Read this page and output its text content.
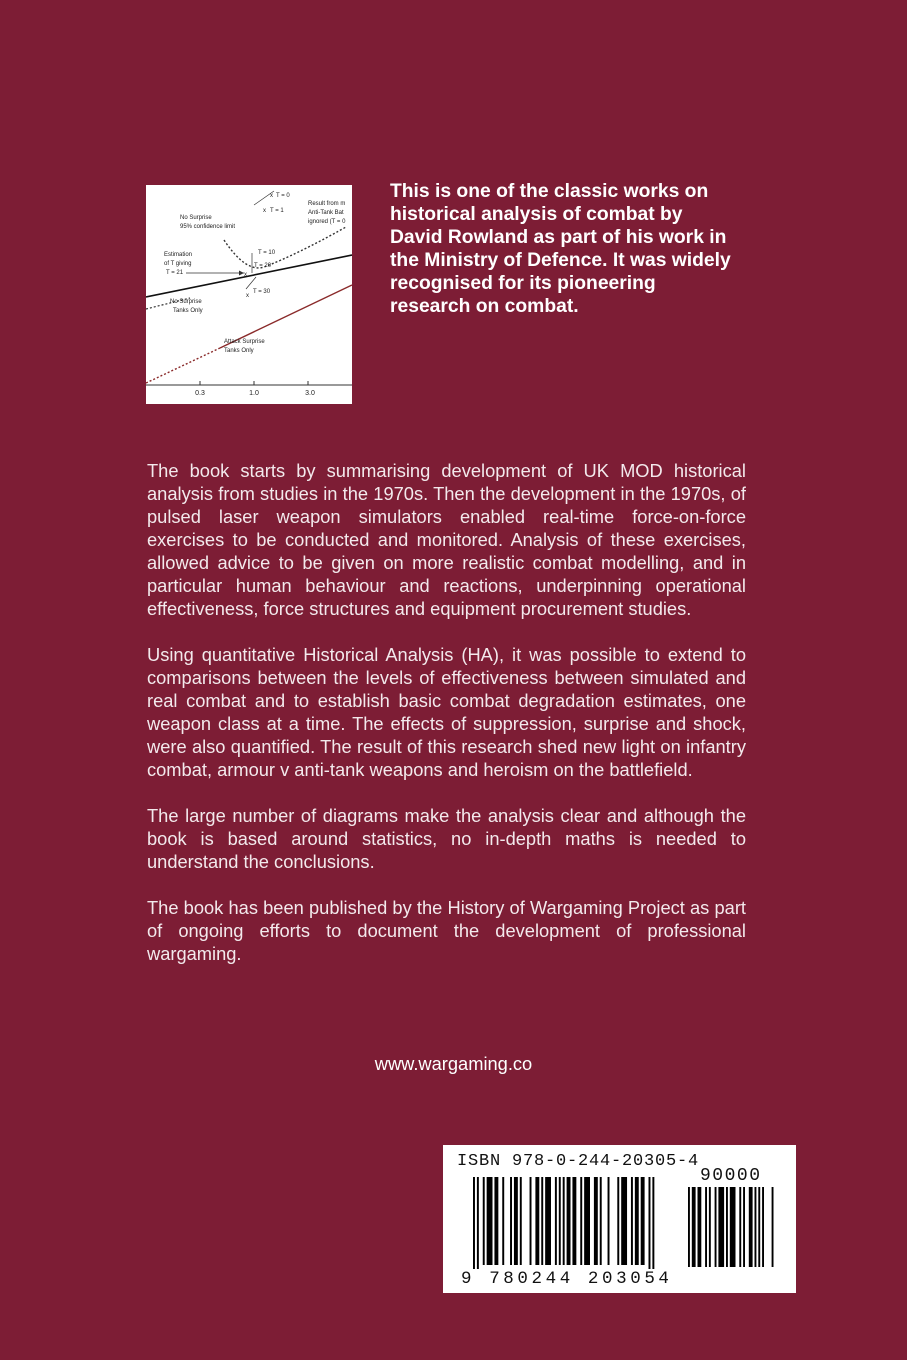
0.3	1.0	3.0
x
x
x
x
T = 0
T = 1
Result from m
Anti-Tank Bat
ignored (T = 0
No Surprise
95% confidence limit
Estimation
of T giving
T = 21
T = 10
T = 20
T = 30
No Surprise
Tanks Only
Attack Surprise
Tanks Only
This is one of the classic works on historical analysis of combat by David Rowland as part of his work in the Ministry of Defence. It was widely recognised for its pioneering research on combat.

The book starts by summarising development of UK MOD historical analysis from studies in the 1970s. Then the development in the 1970s, of pulsed laser weapon simulators enabled real-time force-on-force exercises to be conducted and monitored. Analysis of these exercises, allowed advice to be given on more realistic combat modelling, and in particular human behaviour and reactions, underpinning operational effectiveness, force structures and equipment procurement studies.

Using quantitative Historical Analysis (HA), it was possible to extend to comparisons between the levels of effectiveness between simulated and real combat and to establish basic combat degradation estimates, one weapon class at a time. The effects of suppression, surprise and shock, were also quantified. The result of this research shed new light on infantry combat, armour v anti-tank weapons and heroism on the battlefield.

The large number of diagrams make the analysis clear and although the book is based around statistics, no in-depth maths is needed to understand the conclusions.

The book has been published by the History of Wargaming Project as part of ongoing efforts to document the development of professional wargaming.

www.wargaming.co
ISBN 978-0-244-20305-4
90000
9 780244 203054
